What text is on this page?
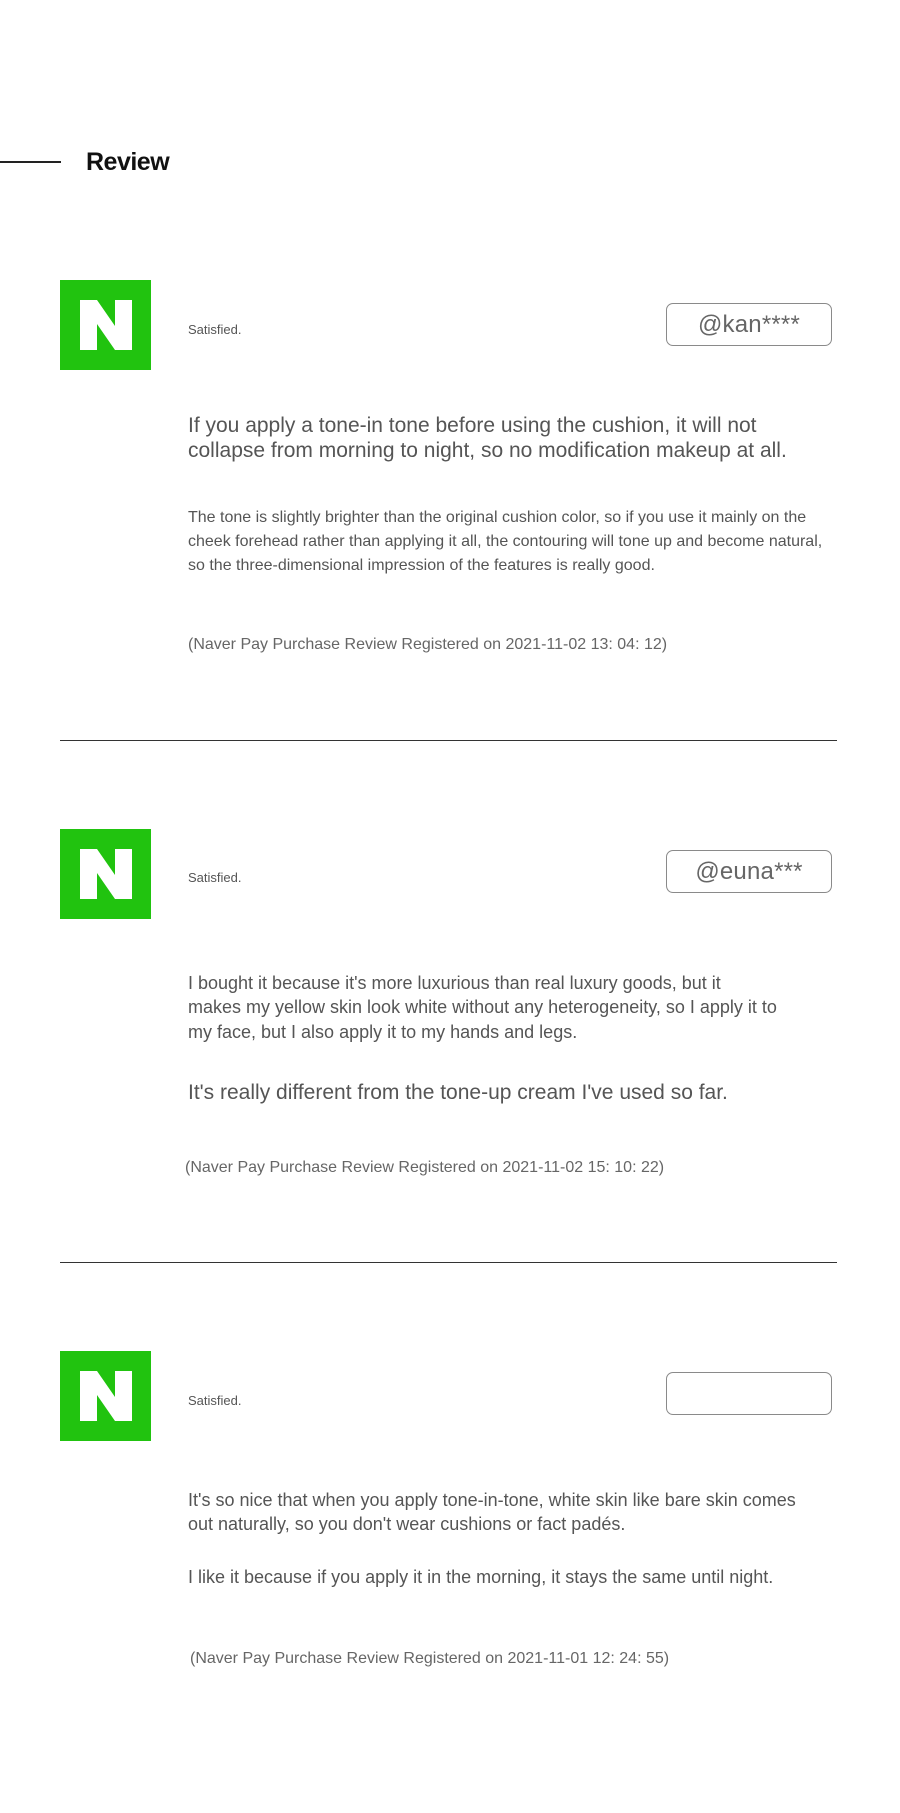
Review
Satisfied.	@kan****
If you apply a tone-in tone before using the cushion, it will not collapse from morning to night, so no modification makeup at all.
The tone is slightly brighter than the original cushion color, so if you use it mainly on the cheek forehead rather than applying it all, the contouring will tone up and become natural, so the three-dimensional impression of the features is really good.
(Naver Pay Purchase Review Registered on 2021-11-02 13: 04: 12)
Satisfied.	@euna***
I bought it because it's more luxurious than real luxury goods, but it makes my yellow skin look white without any heterogeneity, so I apply it to my face, but I also apply it to my hands and legs.
It's really different from the tone-up cream I've used so far.
(Naver Pay Purchase Review Registered on 2021-11-02 15: 10: 22)
Satisfied.
It's so nice that when you apply tone-in-tone, white skin like bare skin comes out naturally, so you don't wear cushions or fact padés.
I like it because if you apply it in the morning, it stays the same until night.
(Naver Pay Purchase Review Registered on 2021-11-01 12: 24: 55)
